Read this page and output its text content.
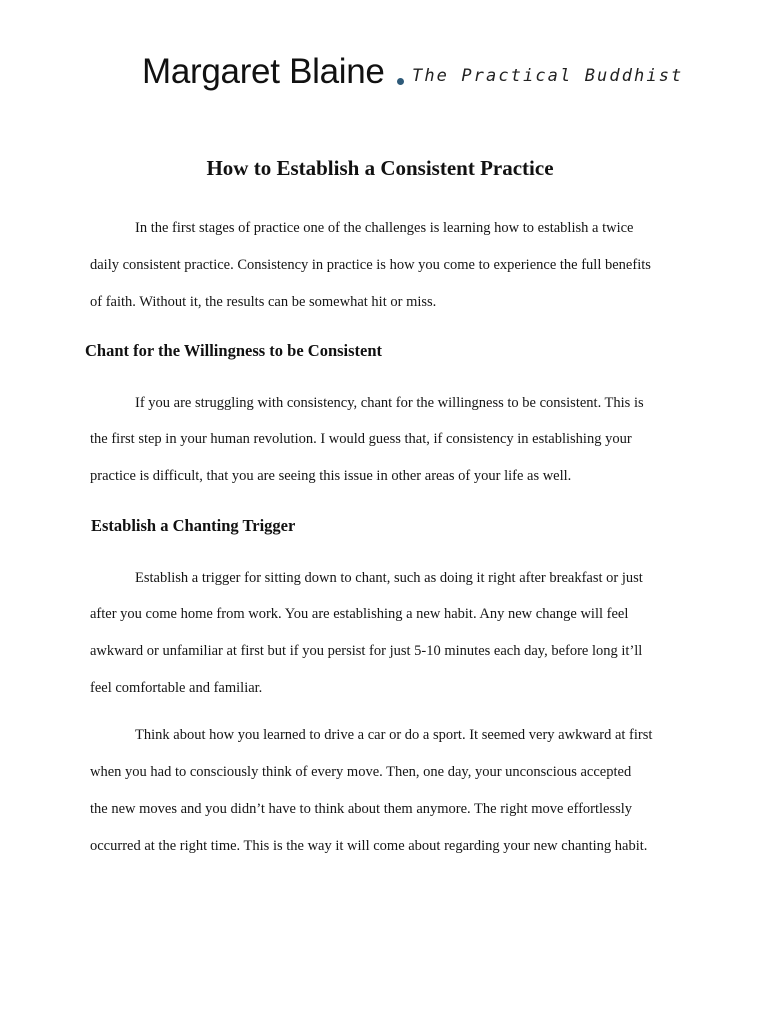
Margaret Blaine The Practical Buddhist
How to Establish a Consistent Practice
In the first stages of practice one of the challenges is learning how to establish a twice
daily consistent practice. Consistency in practice is how you come to experience the full benefits
of faith. Without it, the results can be somewhat hit or miss.
Chant for the Willingness to be Consistent
If you are struggling with consistency, chant for the willingness to be consistent. This is
the first step in your human revolution. I would guess that, if consistency in establishing your
practice is difficult, that you are seeing this issue in other areas of your life as well.
Establish a Chanting Trigger
Establish a trigger for sitting down to chant, such as doing it right after breakfast or just
after you come home from work. You are establishing a new habit. Any new change will feel
awkward or unfamiliar at first but if you persist for just 5-10 minutes each day, before long it’ll
feel comfortable and familiar.
Think about how you learned to drive a car or do a sport. It seemed very awkward at first
when you had to consciously think of every move. Then, one day, your unconscious accepted
the new moves and you didn’t have to think about them anymore. The right move effortlessly
occurred at the right time. This is the way it will come about regarding your new chanting habit.
